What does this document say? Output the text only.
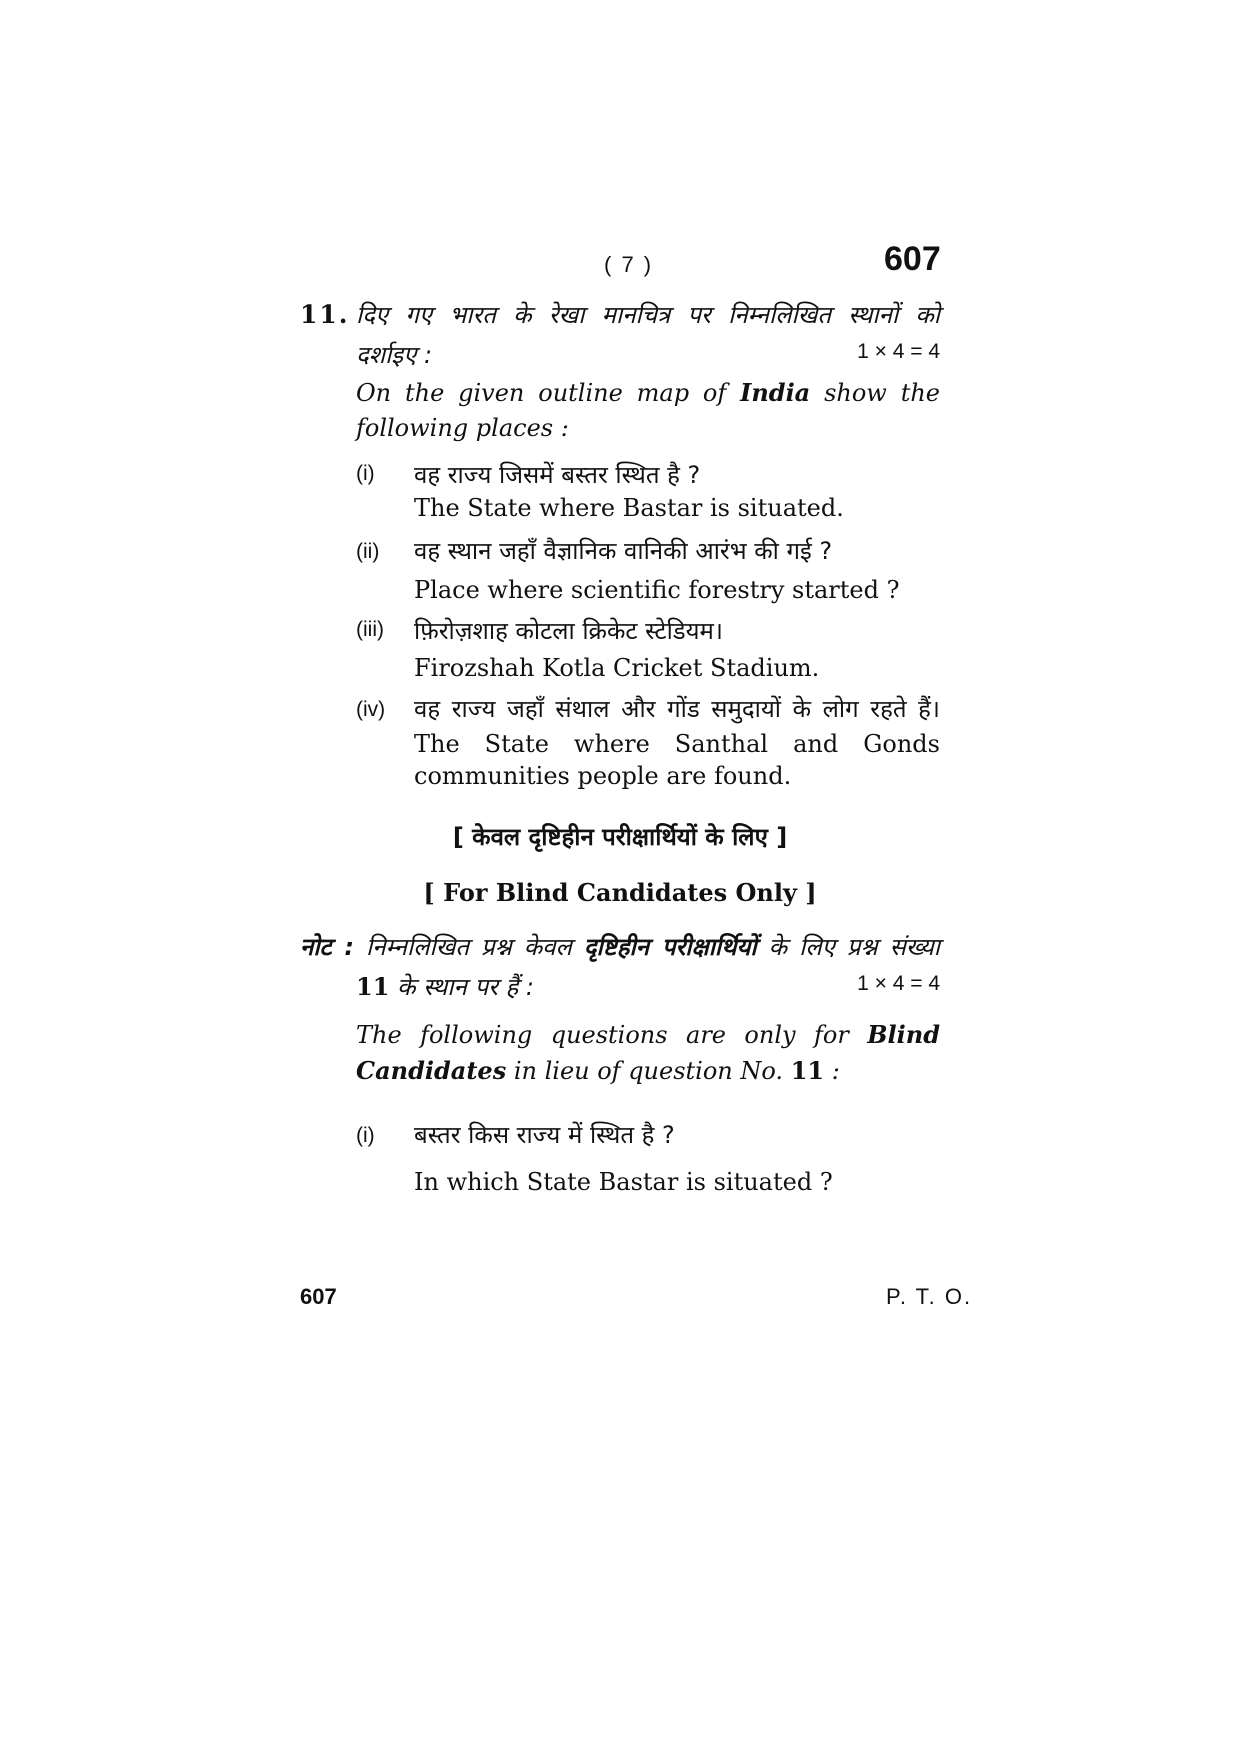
( 7 )	607
11. दिए गए भारत के रेखा मानचित्र पर निम्नलिखित स्थानों को
दर्शाइए :	1 × 4 = 4
On the given outline map of India show the
following places :
(i) वह राज्य जिसमें बस्तर स्थित है ?
The State where Bastar is situated.
(ii) वह स्थान जहाँ वैज्ञानिक वानिकी आरंभ की गई ?
Place where scientific forestry started ?
(iii) फ़िरोज़शाह कोटला क्रिकेट स्टेडियम।
Firozshah Kotla Cricket Stadium.
(iv) वह राज्य जहाँ संथाल और गोंड समुदायों के लोग रहते हैं।
The State where Santhal and Gonds
communities people are found.
[ केवल दृष्टिहीन परीक्षार्थियों के लिए ]
[ For Blind Candidates Only ]
नोट : निम्नलिखित प्रश्न केवल दृष्टिहीन परीक्षार्थियों के लिए प्रश्न संख्या
11 के स्थान पर हैं :	1 × 4 = 4
The following questions are only for Blind
Candidates in lieu of question No. 11 :
(i) बस्तर किस राज्य में स्थित है ?
In which State Bastar is situated ?
607	P. T. O.
